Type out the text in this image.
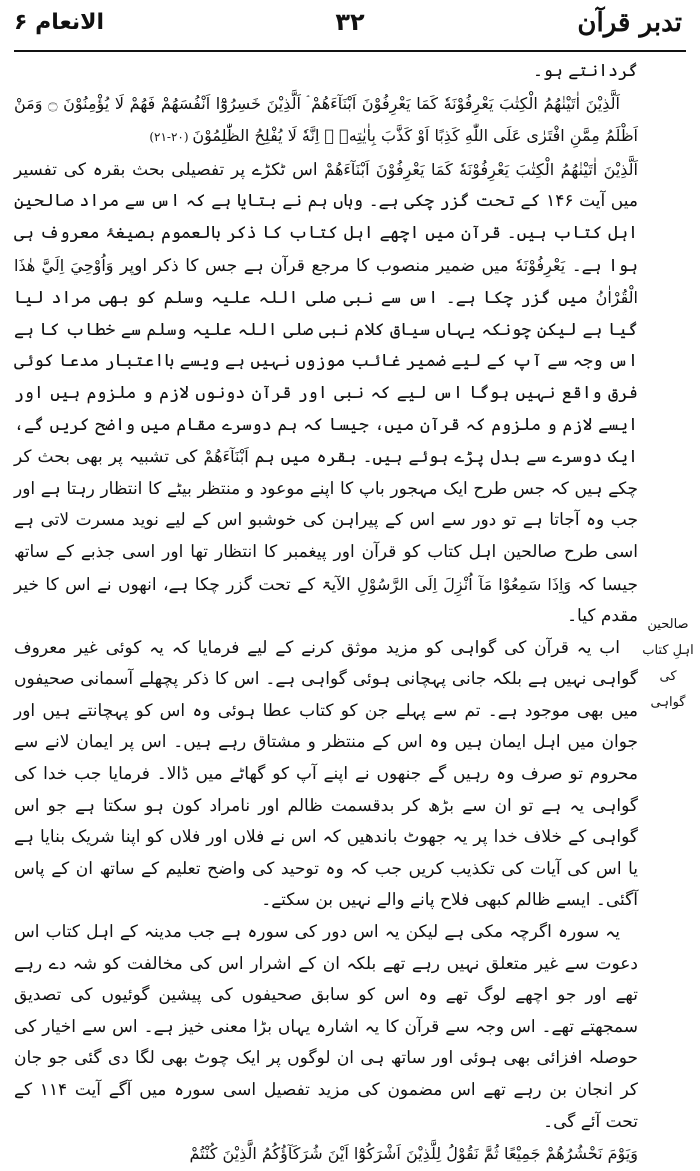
الانعام ۶	۳۲	تدبر قرآن

گردانتے ہو۔

اَلَّذِيْنَ اٰتَيْنٰهُمُ الْكِتٰبَ يَعْرِفُوْنَهٗ كَمَا يَعْرِفُوْنَ اَبْنَآءَهُمْ ۘ اَلَّذِيْنَ خَسِرُوْٓا اَنْفُسَهُمْ فَهُمْ لَا يُؤْمِنُوْنَ ۝ وَمَنْ اَظْلَمُ مِمَّنِ افْتَرٰى عَلَى اللّٰهِ كَذِبًا اَوْ كَذَّبَ بِاٰيٰتِهٖ ۭ اِنَّهٗ لَا يُفْلِحُ الظّٰلِمُوْنَ (۲۰-۲۱)

اَلَّذِيْنَ اٰتَيْنٰهُمُ الْكِتٰبَ يَعْرِفُوْنَهٗ كَمَا يَعْرِفُوْنَ اَبْنَآءَهُمْ اس ٹکڑے پر تفصیلی بحث بقرہ کی تفسیر میں آیت ۱۴۶ کے تحت گزر چکی ہے۔ وہاں ہم نے بتایا ہے کہ اس سے مراد صالحین اہل کتاب ہیں۔ قرآن میں اچھے اہل کتاب کا ذکر بالعموم بصیغۂ معروف ہی ہوا ہے۔ يَعْرِفُوْنَهٗ میں ضمیر منصوب کا مرجع قرآن ہے جس کا ذکر اوپر وَاُوْحِيَ اِلَيَّ هٰذَا الْقُرْاٰنُ میں گزر چکا ہے۔ اس سے نبی صلی اللہ علیہ وسلم کو بھی مراد لیا گیا ہے لیکن چونکہ یہاں سیاق کلام نبی صلی اللہ علیہ وسلم سے خطاب کا ہے اس وجہ سے آپ کے لیے ضمیر غائب موزوں نہیں ہے ویسے بااعتبار مدعا کوئی فرق واقع نہیں ہوگا اس لیے کہ نبی اور قرآن دونوں لازم و ملزوم ہیں اور ایسے لازم و ملزوم کہ قرآن میں، جیسا کہ ہم دوسرے مقام میں واضح کریں گے، ایک دوسرے سے بدل پڑے ہوئے ہیں۔ بقرہ میں ہم اَبْنَآءَهُمْ کی تشبیہ پر بھی بحث کر چکے ہیں کہ جس طرح ایک مہجور باپ کا اپنے موعود و منتظر بیٹے کا انتظار رہتا ہے اور جب وہ آجاتا ہے تو دور سے اس کے پیراہن کی خوشبو اس کے لیے نوید مسرت لاتی ہے اسی طرح صالحین اہل کتاب کو قرآن اور پیغمبر کا انتظار تھا اور اسی جذبے کے ساتھ جیسا کہ وَاِذَا سَمِعُوْا مَآ اُنْزِلَ اِلَى الرَّسُوْلِ الآیۃ کے تحت گزر چکا ہے، انھوں نے اس کا خیر مقدم کیا۔

اب یہ قرآن کی گواہی کو مزید موثق کرنے کے لیے فرمایا کہ یہ کوئی غیر معروف گواہی نہیں ہے بلکہ جانی پہچانی ہوئی گواہی ہے۔ اس کا ذکر پچھلے آسمانی صحیفوں میں بھی موجود ہے۔ تم سے پہلے جن کو کتاب عطا ہوئی وہ اس کو پہچانتے ہیں اور جوان میں اہل ایمان ہیں وہ اس کے منتظر و مشتاق رہے ہیں۔ اس پر ایمان لانے سے محروم تو صرف وہ رہیں گے جنھوں نے اپنے آپ کو گھاٹے میں ڈالا۔ فرمایا جب خدا کی گواہی یہ ہے تو ان سے بڑھ کر بدقسمت ظالم اور نامراد کون ہو سکتا ہے جو اس گواہی کے خلاف خدا پر یہ جھوٹ باندھیں کہ اس نے فلاں اور فلاں کو اپنا شریک بنایا ہے یا اس کی آیات کی تکذیب کریں جب کہ وہ توحید کی واضح تعلیم کے ساتھ ان کے پاس آگئی۔ ایسے ظالم کبھی فلاح پانے والے نہیں بن سکتے۔

یہ سورہ اگرچہ مکی ہے لیکن یہ اس دور کی سورہ ہے جب مدینہ کے اہل کتاب اس دعوت سے غیر متعلق نہیں رہے تھے بلکہ ان کے اشرار اس کی مخالفت کو شہ دے رہے تھے اور جو اچھے لوگ تھے وہ اس کو سابق صحیفوں کی پیشین گوئیوں کی تصدیق سمجھتے تھے۔ اس وجہ سے قرآن کا یہ اشارہ یہاں بڑا معنی خیز ہے۔ اس سے اخیار کی حوصلہ افزائی بھی ہوئی اور ساتھ ہی ان لوگوں پر ایک چوٹ بھی لگا دی گئی جو جان کر انجان بن رہے تھے اس مضمون کی مزید تفصیل اسی سورہ میں آگے آیت ۱۱۴ کے تحت آئے گی۔

وَيَوْمَ نَحْشُرُهُمْ جَمِيْعًا ثُمَّ نَقُوْلُ لِلَّذِيْنَ اَشْرَكُوْٓا اَيْنَ شُرَكَآؤُكُمُ الَّذِيْنَ كُنْتُمْ

صالحین اہلِ کتاب کی گواہی
